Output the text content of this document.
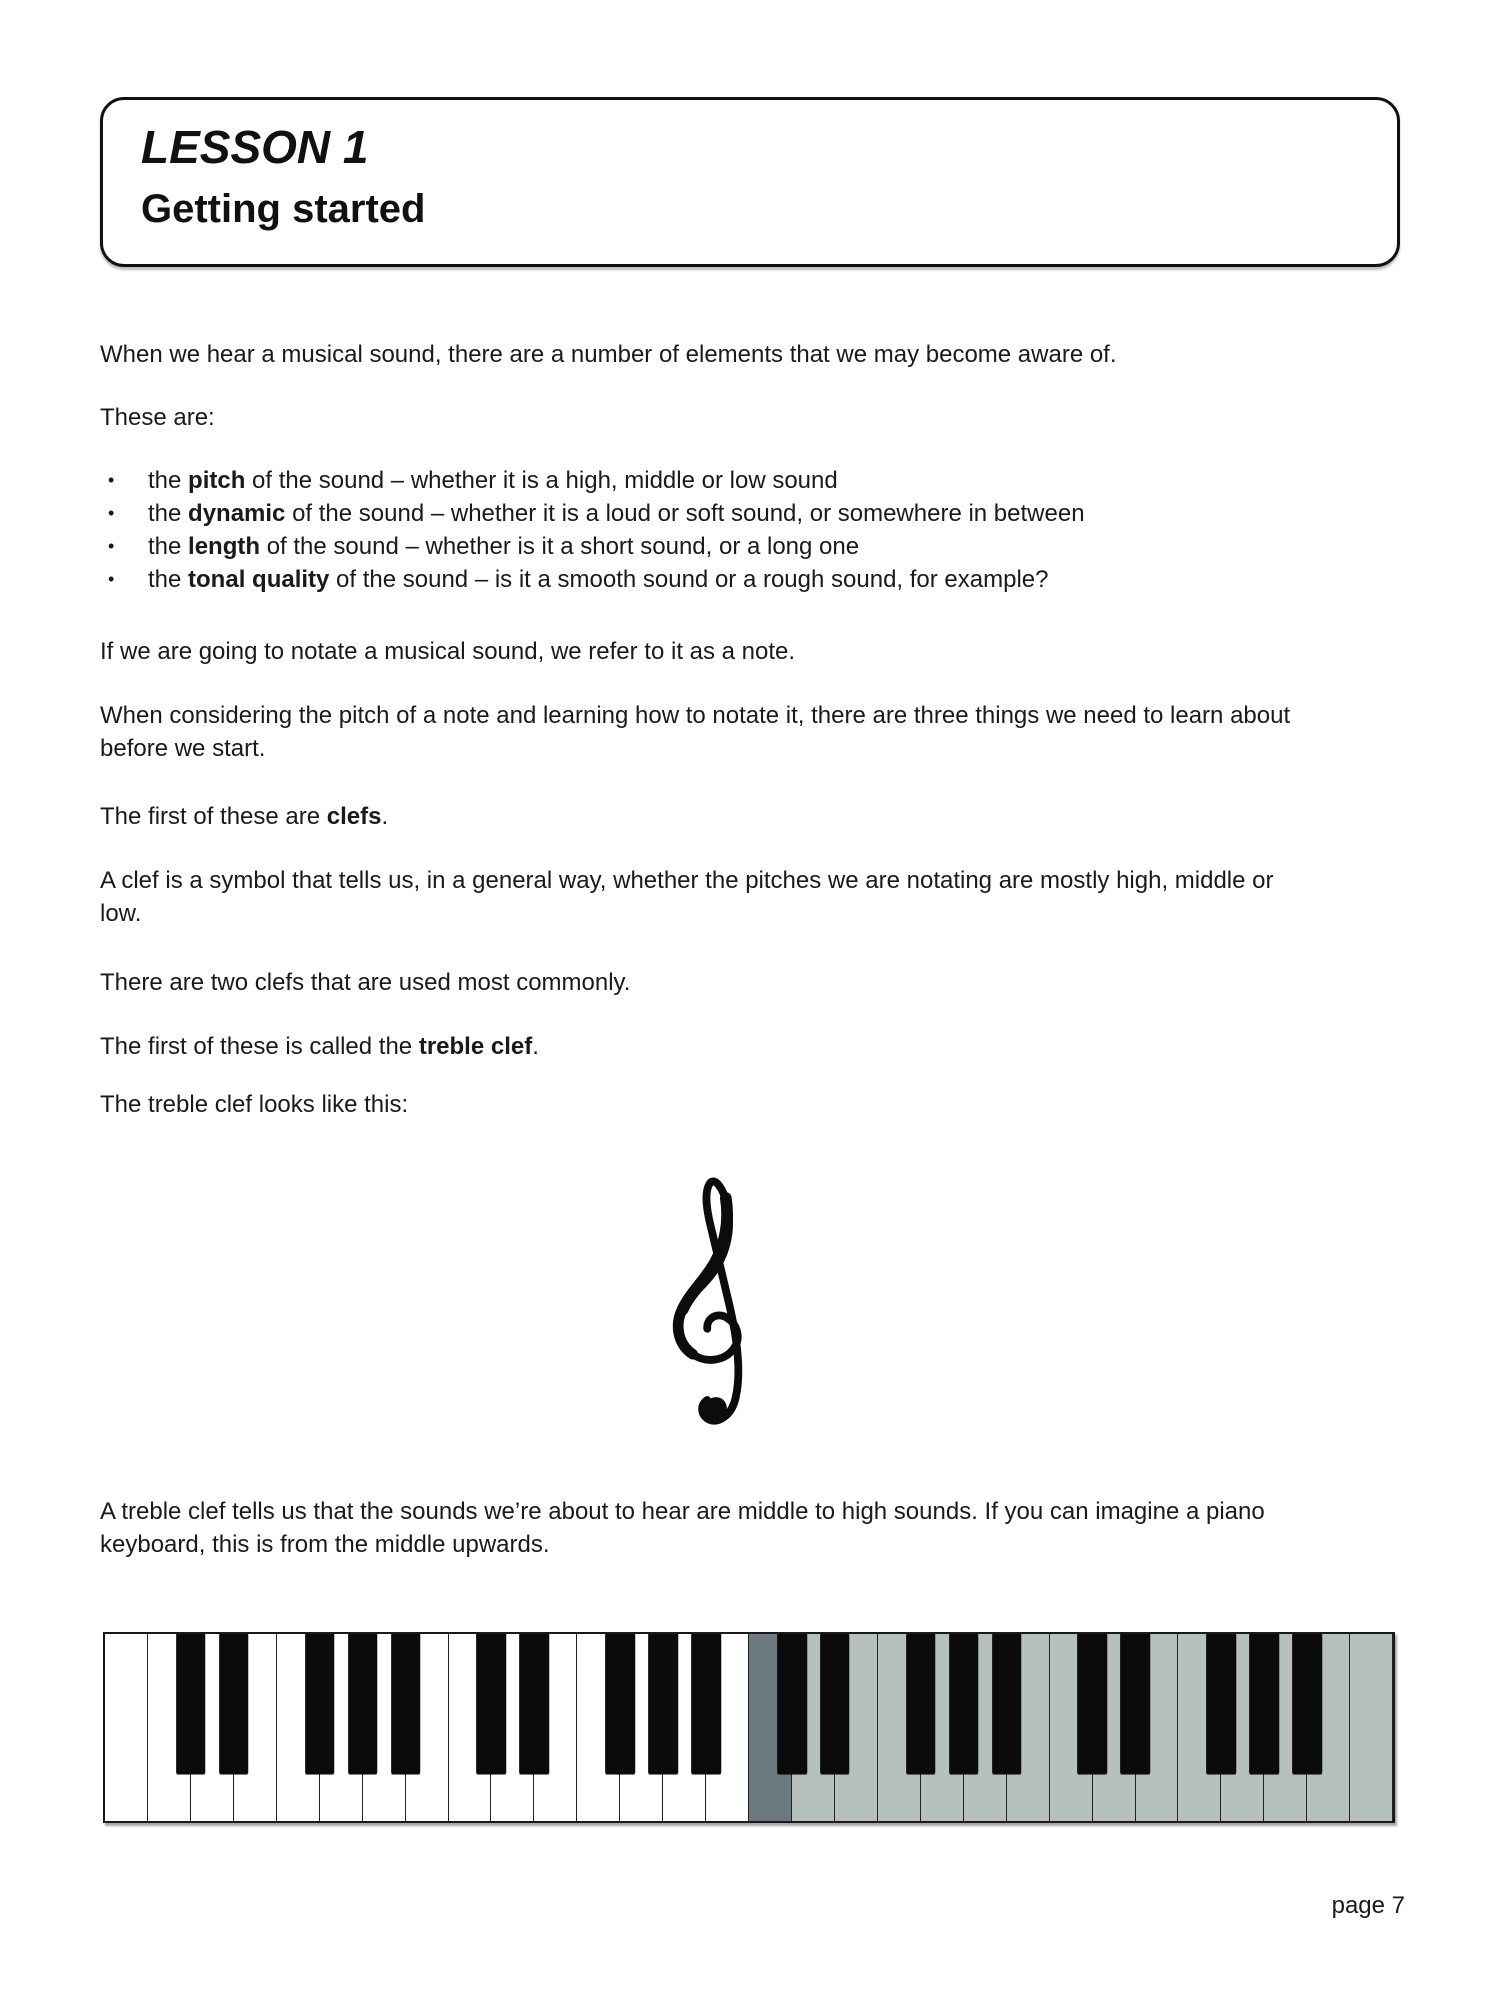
LESSON 1
Getting started
When we hear a musical sound, there are a number of elements that we may become aware of.
These are:
• the pitch of the sound – whether it is a high, middle or low sound
• the dynamic of the sound – whether it is a loud or soft sound, or somewhere in between
• the length of the sound – whether is it a short sound, or a long one
• the tonal quality of the sound – is it a smooth sound or a rough sound, for example?
If we are going to notate a musical sound, we refer to it as a note.
When considering the pitch of a note and learning how to notate it, there are three things we need to learn about
before we start.
The first of these are clefs.
A clef is a symbol that tells us, in a general way, whether the pitches we are notating are mostly high, middle or
low.
There are two clefs that are used most commonly.
The first of these is called the treble clef.
The treble clef looks like this:
A treble clef tells us that the sounds we’re about to hear are middle to high sounds. If you can imagine a piano
keyboard, this is from the middle upwards.
page 7
